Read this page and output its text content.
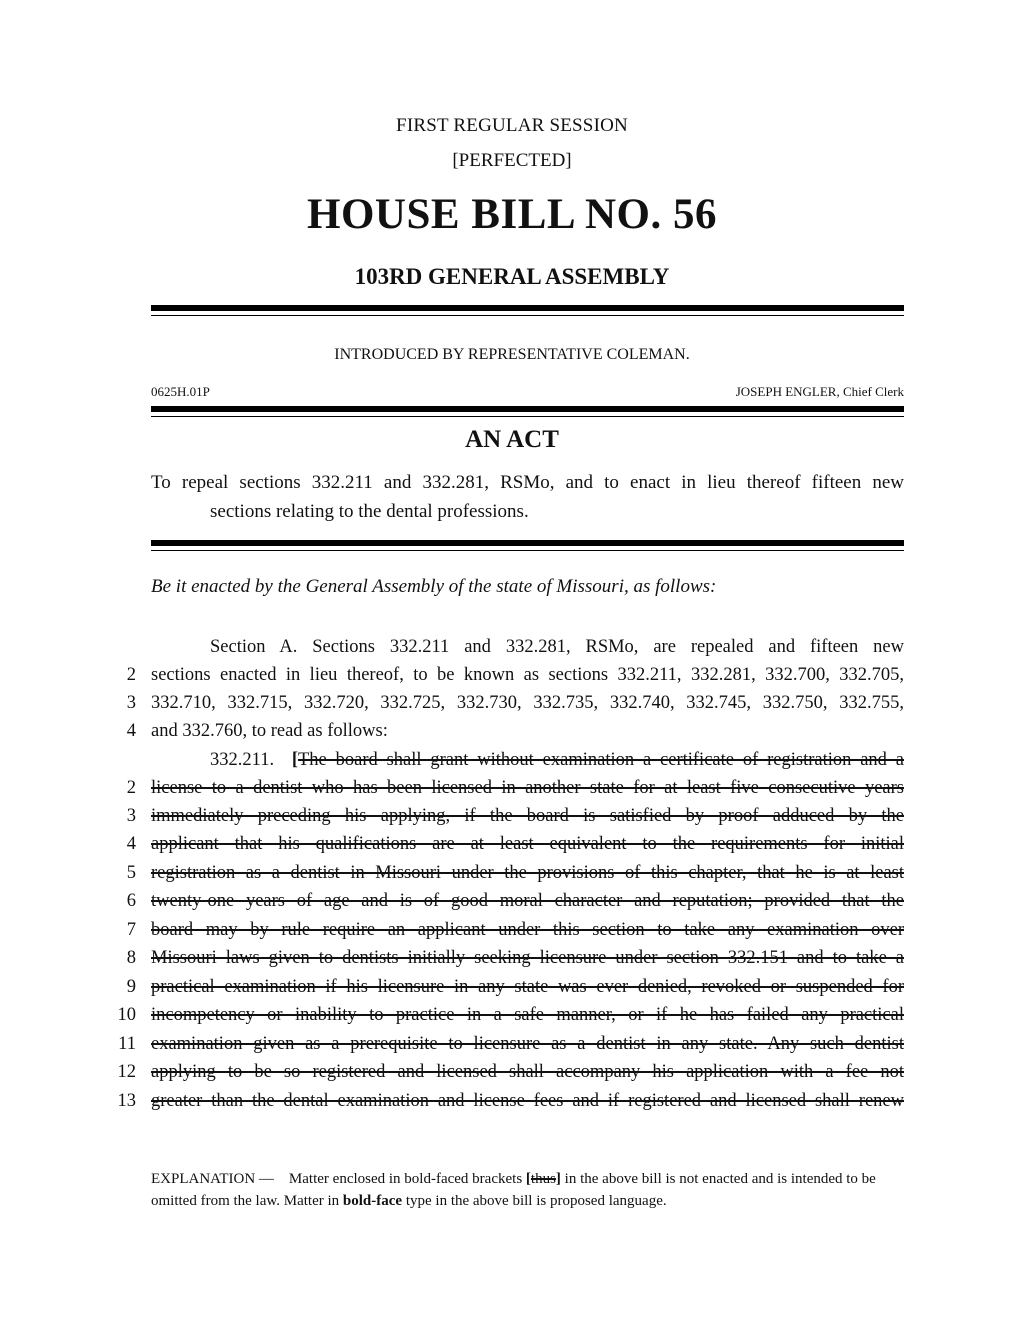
FIRST REGULAR SESSION
[PERFECTED]
HOUSE BILL NO. 56
103RD GENERAL ASSEMBLY
INTRODUCED BY REPRESENTATIVE COLEMAN.
0625H.01P	JOSEPH ENGLER, Chief Clerk
AN ACT
To repeal sections 332.211 and 332.281, RSMo, and to enact in lieu thereof fifteen new
sections relating to the dental professions.
Be it enacted by the General Assembly of the state of Missouri, as follows:
Section A. Sections 332.211 and 332.281, RSMo, are repealed and fifteen new
2 sections enacted in lieu thereof, to be known as sections 332.211, 332.281, 332.700, 332.705,
3 332.710, 332.715, 332.720, 332.725, 332.730, 332.735, 332.740, 332.745, 332.750, 332.755,
4 and 332.760, to read as follows:
332.211. [The board shall grant without examination a certificate of registration and a
2 license to a dentist who has been licensed in another state for at least five consecutive years
3 immediately preceding his applying, if the board is satisfied by proof adduced by the
4 applicant that his qualifications are at least equivalent to the requirements for initial
5 registration as a dentist in Missouri under the provisions of this chapter, that he is at least
6 twenty-one years of age and is of good moral character and reputation; provided that the
7 board may by rule require an applicant under this section to take any examination over
8 Missouri laws given to dentists initially seeking licensure under section 332.151 and to take a
9 practical examination if his licensure in any state was ever denied, revoked or suspended for
10 incompetency or inability to practice in a safe manner, or if he has failed any practical
11 examination given as a prerequisite to licensure as a dentist in any state. Any such dentist
12 applying to be so registered and licensed shall accompany his application with a fee not
13 greater than the dental examination and license fees and if registered and licensed shall renew
EXPLANATION — Matter enclosed in bold-faced brackets [thus] in the above bill is not enacted and is intended to be omitted from the law. Matter in bold-face type in the above bill is proposed language.
